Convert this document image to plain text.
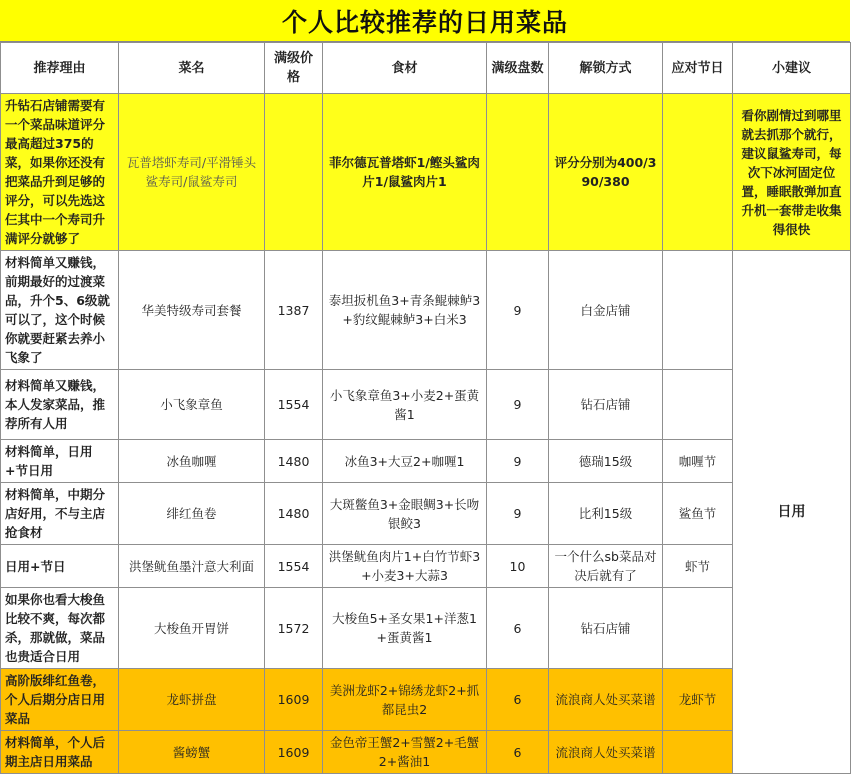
个人比较推荐的日用菜品
推荐理由	菜名	满级价格	食材	满级盘数	解锁方式	应对节日	小建议
升钻石店铺需要有一个菜品味道评分最高超过375的菜，如果你还没有把菜品升到足够的评分，可以先选这仨其中一个寿司升满评分就够了	瓦普塔虾寿司/平滑锤头鲨寿司/鼠鲨寿司		菲尔德瓦普塔虾1/鲣头鲨肉片1/鼠鲨肉片1		评分分别为400/390/380		看你剧情过到哪里就去抓那个就行，建议鼠鲨寿司，每次下冰河固定位置，睡眠散弹加直升机一套带走收集得很快
材料简单又赚钱，前期最好的过渡菜品，升个5、6级就可以了，这个时候你就要赶紧去养小飞象了	华美特级寿司套餐	1387	泰坦扳机鱼3+青条鲲棘鲈3+豹纹鲲棘鲈3+白米3	9	白金店铺		日用
材料简单又赚钱，本人发家菜品，推荐所有人用	小飞象章鱼	1554	小飞象章鱼3+小麦2+蛋黄酱1	9	钻石店铺		
材料简单，日用+节日用	冰鱼咖喱	1480	冰鱼3+大豆2+咖喱1	9	德瑞15级	咖喱节	
材料简单，中期分店好用，不与主店抢食材	绯红鱼卷	1480	大斑鳖鱼3+金眼鲷3+长吻银鲛3	9	比利15级	鲨鱼节	
日用+节日	洪堡鱿鱼墨汁意大利面	1554	洪堡鱿鱼肉片1+白竹节虾3+小麦3+大蒜3	10	一个什么sb菜品对决后就有了	虾节	
如果你也看大梭鱼比较不爽，每次都杀，那就做，菜品也贵适合日用	大梭鱼开胃饼	1572	大梭鱼5+圣女果1+洋葱1+蛋黄酱1	6	钻石店铺		
高阶版绯红鱼卷，个人后期分店日用菜品	龙虾拼盘	1609	美洲龙虾2+锦绣龙虾2+抓都昆虫2	6	流浪商人处买菜谱	龙虾节	
材料简单，个人后期主店日用菜品	酱螃蟹	1609	金色帝王蟹2+雪蟹2+毛蟹2+酱油1	6	流浪商人处买菜谱		
